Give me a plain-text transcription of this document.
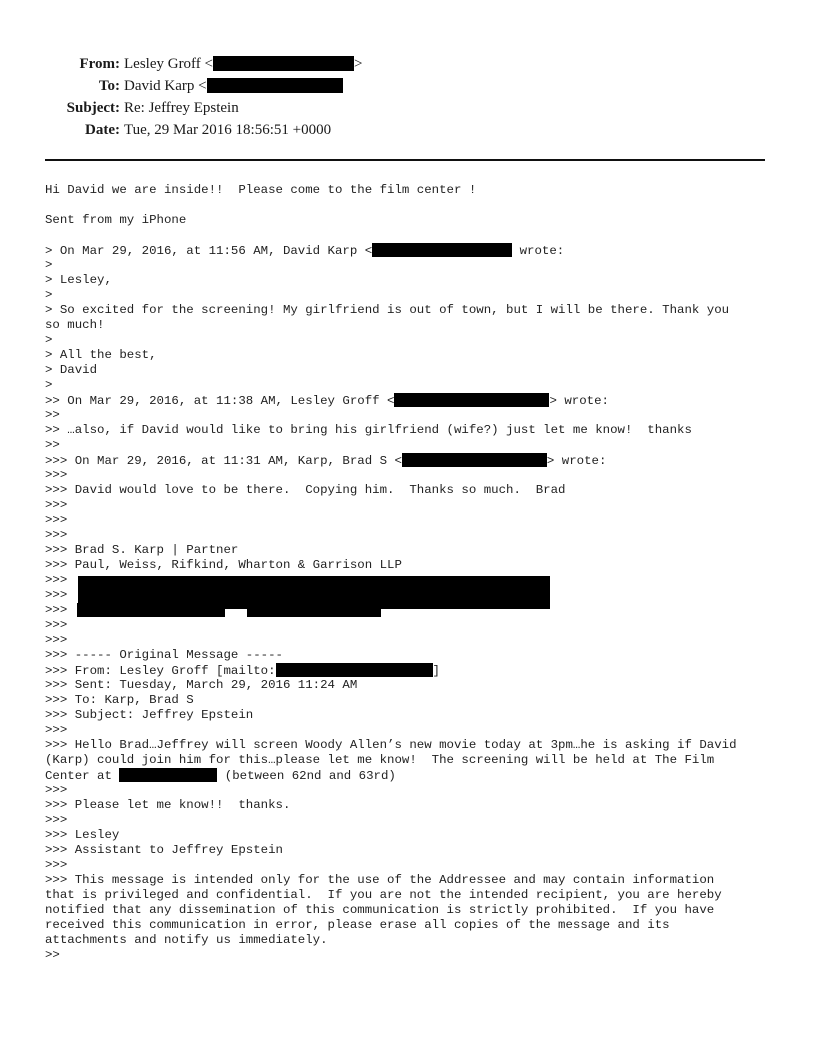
From: Lesley Groff <	>
To: David Karp <
Subject: Re: Jeffrey Epstein
Date: Tue, 29 Mar 2016 18:56:51 +0000
Hi David we are inside!!  Please come to the film center !
Sent from my iPhone
> On Mar 29, 2016, at 11:56 AM, David Karp <	wrote:
>
> Lesley,
>
> So excited for the screening! My girlfriend is out of town, but I will be there. Thank you
so much!
>
> All the best,
> David
>
>> On Mar 29, 2016, at 11:38 AM, Lesley Groff <	> wrote:
>>
>> …also, if David would like to bring his girlfriend (wife?) just let me know!  thanks
>>
>>> On Mar 29, 2016, at 11:31 AM, Karp, Brad S <	> wrote:
>>>
>>> David would love to be there.  Copying him.  Thanks so much.  Brad
>>>
>>>
>>>
>>> Brad S. Karp | Partner
>>> Paul, Weiss, Rifkind, Wharton & Garrison LLP
>>>
>>>
>>>
>>>
>>>
>>> ----- Original Message -----
>>> From: Lesley Groff [mailto:	]
>>> Sent: Tuesday, March 29, 2016 11:24 AM
>>> To: Karp, Brad S
>>> Subject: Jeffrey Epstein
>>>
>>> Hello Brad…Jeffrey will screen Woody Allen’s new movie today at 3pm…he is asking if David
(Karp) could join him for this…please let me know!  The screening will be held at The Film
Center at	(between 62nd and 63rd)
>>>
>>> Please let me know!!  thanks.
>>>
>>> Lesley
>>> Assistant to Jeffrey Epstein
>>>
>>> This message is intended only for the use of the Addressee and may contain information
that is privileged and confidential.  If you are not the intended recipient, you are hereby
notified that any dissemination of this communication is strictly prohibited.  If you have
received this communication in error, please erase all copies of the message and its
attachments and notify us immediately.
>>
